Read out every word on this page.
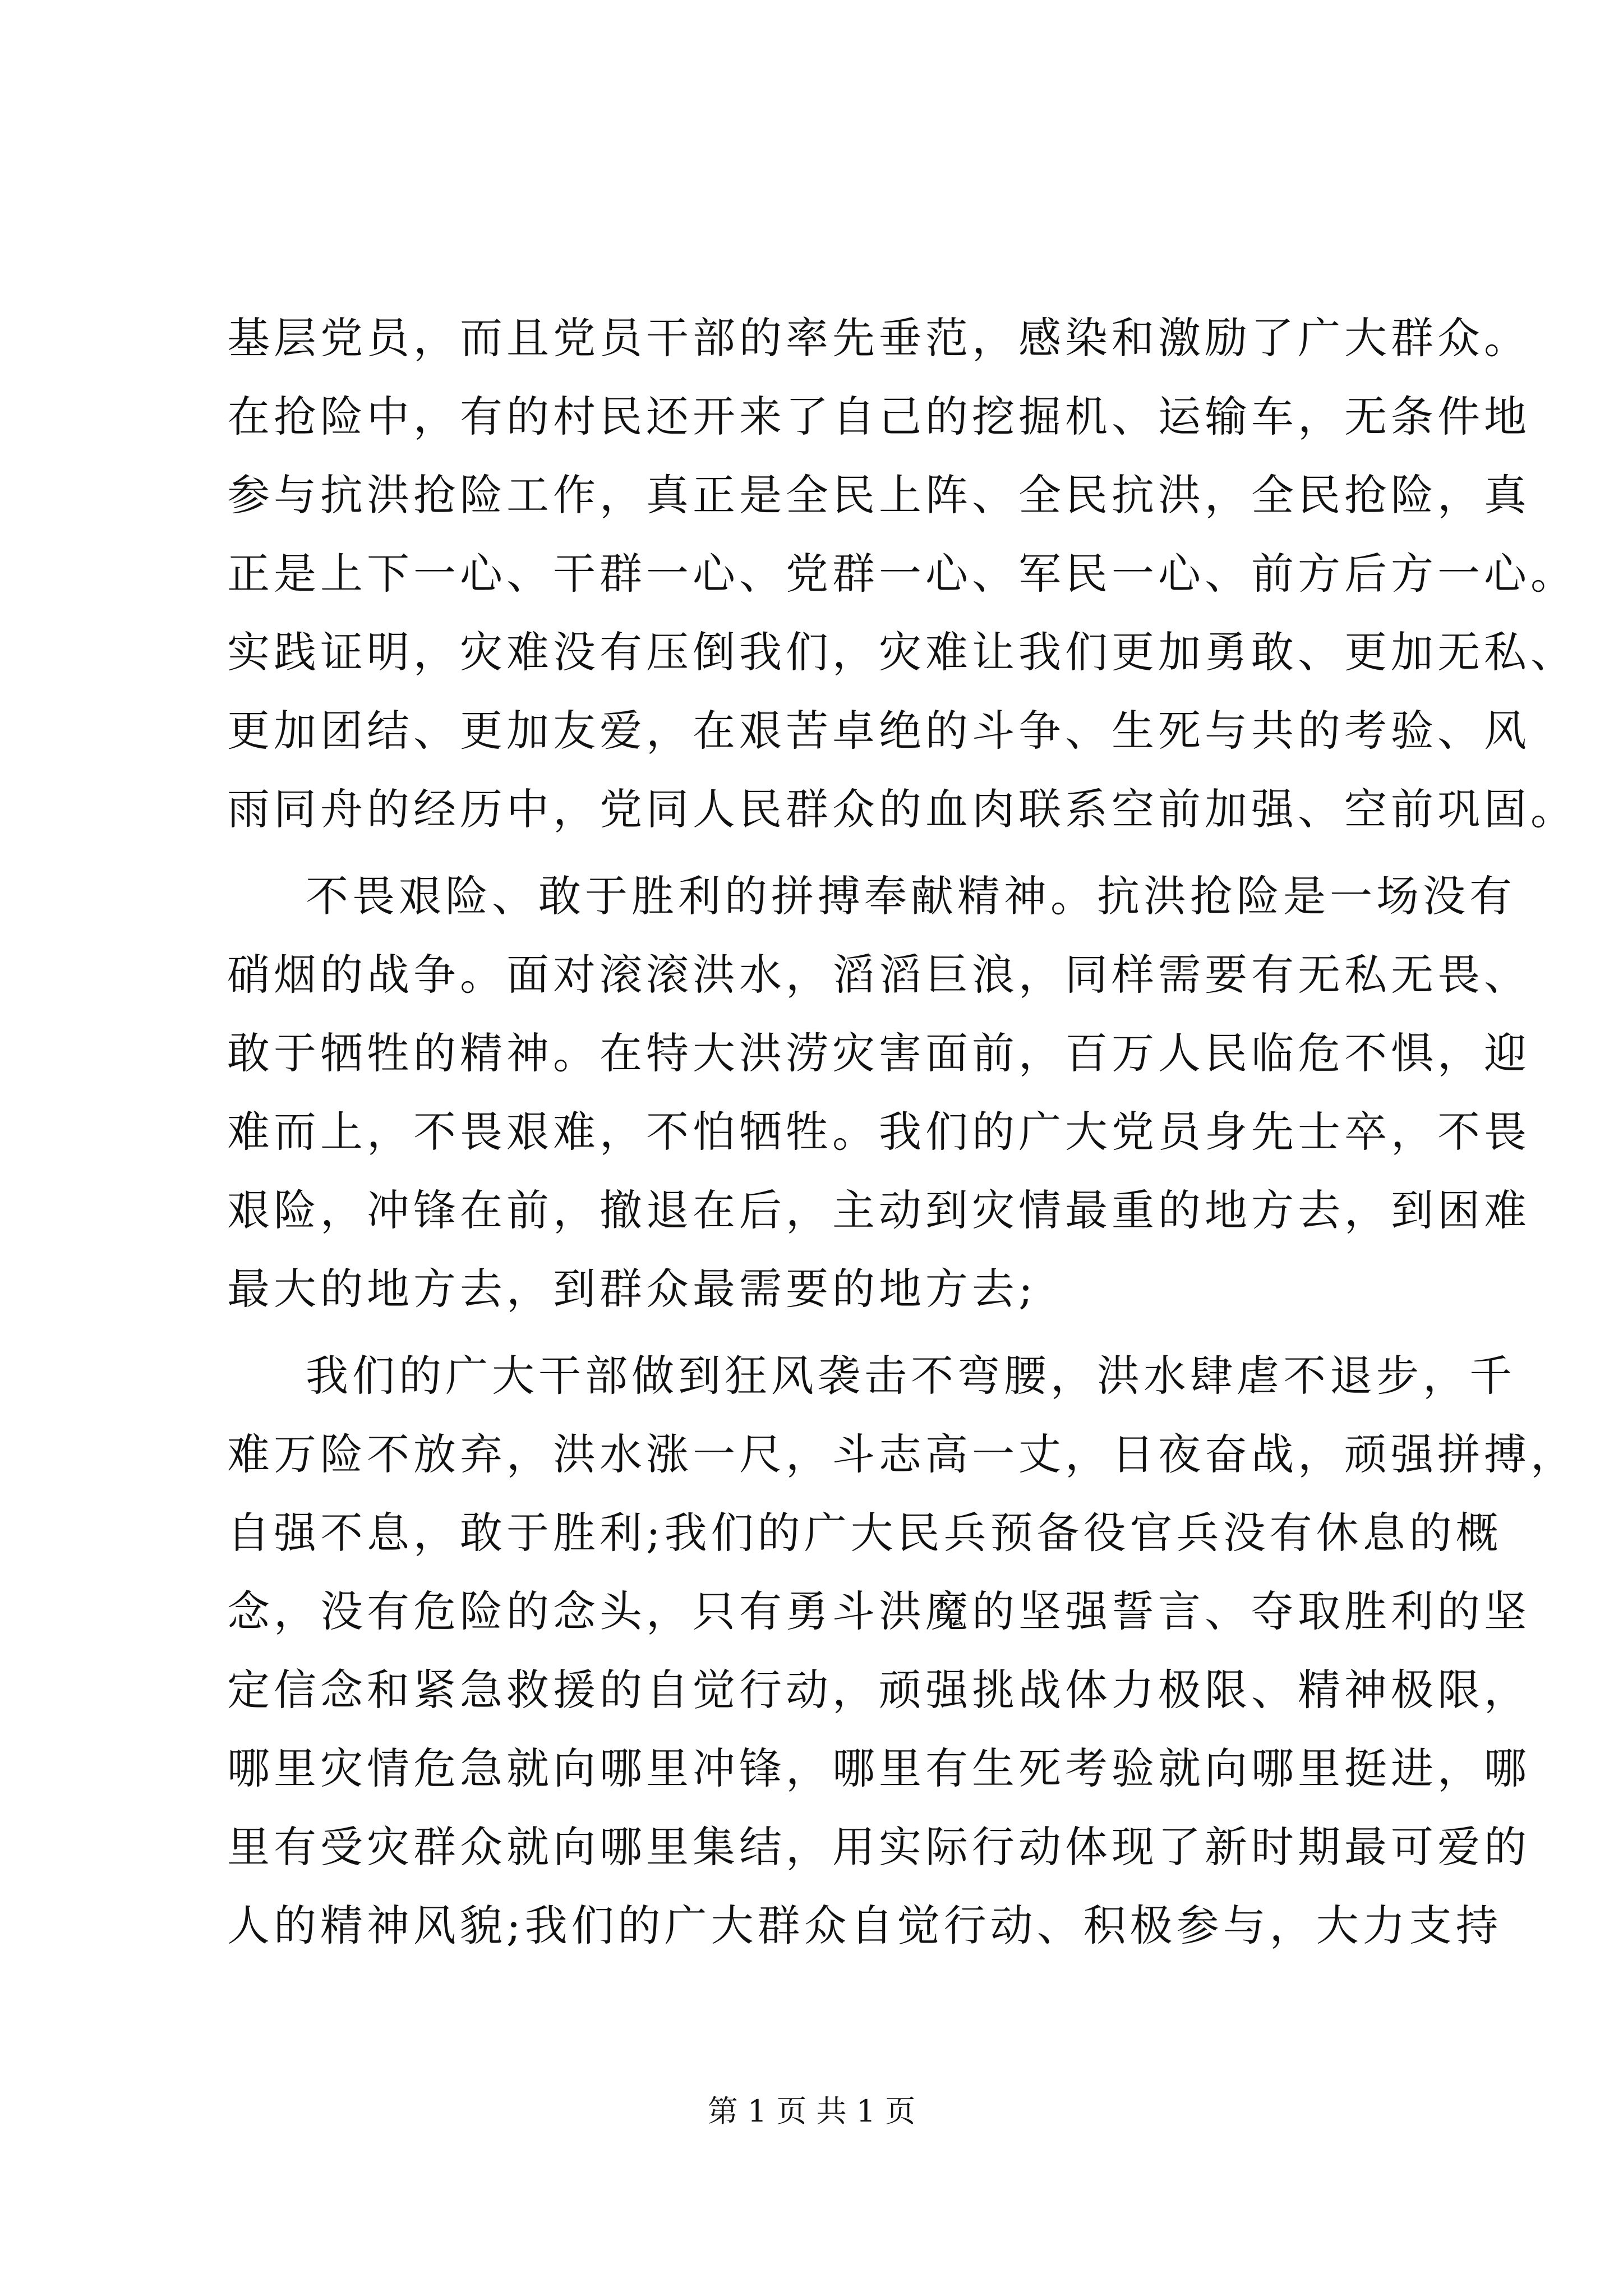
基层党员，而且党员干部的率先垂范，感染和激励了广大群众。
在抢险中，有的村民还开来了自己的挖掘机、运输车，无条件地
参与抗洪抢险工作，真正是全民上阵、全民抗洪，全民抢险，真
正是上下一心、干群一心、党群一心、军民一心、前方后方一心。
实践证明，灾难没有压倒我们，灾难让我们更加勇敢、更加无私、
更加团结、更加友爱，在艰苦卓绝的斗争、生死与共的考验、风
雨同舟的经历中，党同人民群众的血肉联系空前加强、空前巩固。
不畏艰险、敢于胜利的拼搏奉献精神。抗洪抢险是一场没有
硝烟的战争。面对滚滚洪水，滔滔巨浪，同样需要有无私无畏、
敢于牺牲的精神。在特大洪涝灾害面前，百万人民临危不惧，迎
难而上，不畏艰难，不怕牺牲。我们的广大党员身先士卒，不畏
艰险，冲锋在前，撤退在后，主动到灾情最重的地方去，到困难
最大的地方去，到群众最需要的地方去;
我们的广大干部做到狂风袭击不弯腰，洪水肆虐不退步，千
难万险不放弃，洪水涨一尺，斗志高一丈，日夜奋战，顽强拼搏，
自强不息，敢于胜利;我们的广大民兵预备役官兵没有休息的概
念，没有危险的念头，只有勇斗洪魔的坚强誓言、夺取胜利的坚
定信念和紧急救援的自觉行动，顽强挑战体力极限、精神极限，
哪里灾情危急就向哪里冲锋，哪里有生死考验就向哪里挺进，哪
里有受灾群众就向哪里集结，用实际行动体现了新时期最可爱的
人的精神风貌;我们的广大群众自觉行动、积极参与，大力支持
第 1 页 共 1 页
